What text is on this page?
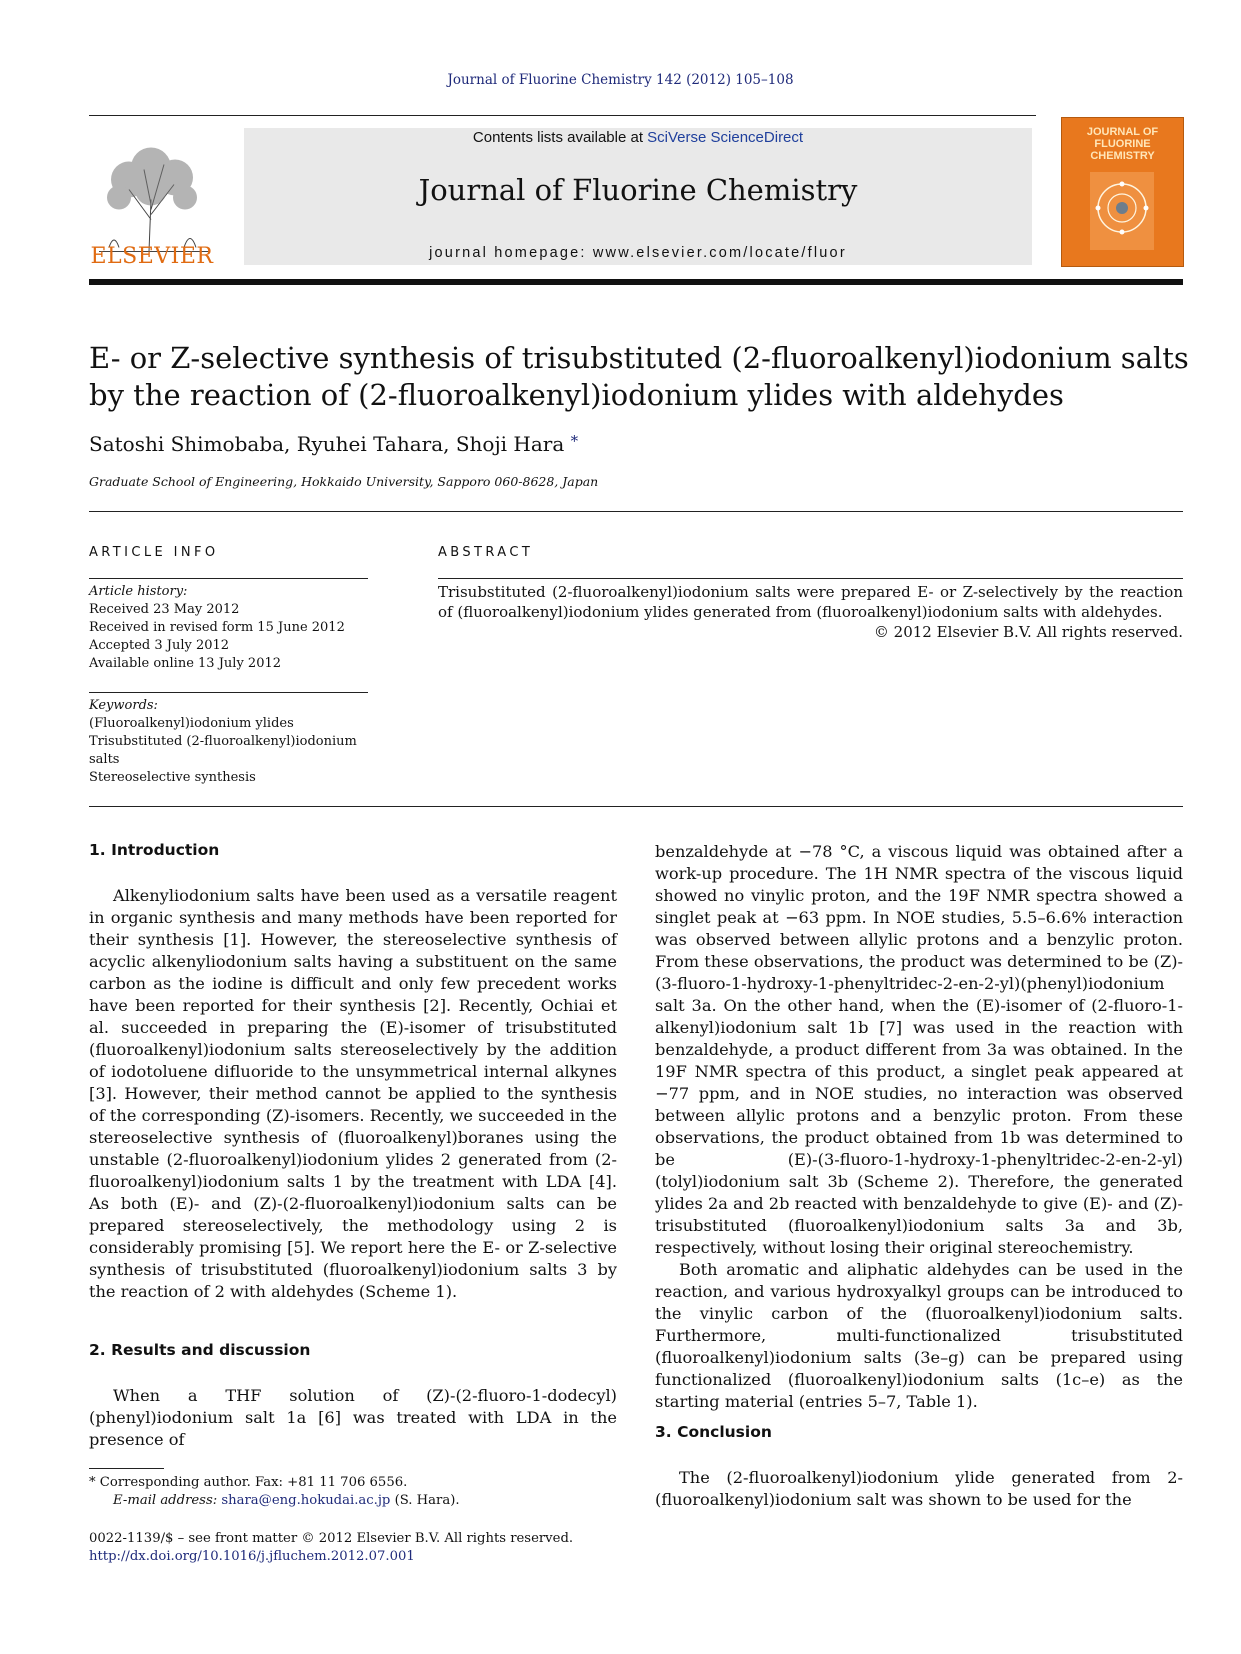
Journal of Fluorine Chemistry 142 (2012) 105–108
ELSEVIER
Contents lists available at SciVerse ScienceDirect
Journal of Fluorine Chemistry
journal homepage: www.elsevier.com/locate/fluor
JOURNAL OF FLUORINE CHEMISTRY
E- or Z-selective synthesis of trisubstituted (2-fluoroalkenyl)iodonium salts by the reaction of (2-fluoroalkenyl)iodonium ylides with aldehydes
Satoshi Shimobaba, Ryuhei Tahara, Shoji Hara *
Graduate School of Engineering, Hokkaido University, Sapporo 060-8628, Japan
ARTICLE INFO	ABSTRACT
Article history:
Received 23 May 2012
Received in revised form 15 June 2012
Accepted 3 July 2012
Available online 13 July 2012
Keywords:
(Fluoroalkenyl)iodonium ylides
Trisubstituted (2-fluoroalkenyl)iodonium salts
Stereoselective synthesis
Trisubstituted (2-fluoroalkenyl)iodonium salts were prepared E- or Z-selectively by the reaction of (fluoroalkenyl)iodonium ylides generated from (fluoroalkenyl)iodonium salts with aldehydes.
© 2012 Elsevier B.V. All rights reserved.
1. Introduction

Alkenyliodonium salts have been used as a versatile reagent in organic synthesis and many methods have been reported for their synthesis [1]. However, the stereoselective synthesis of acyclic alkenyliodonium salts having a substituent on the same carbon as the iodine is difficult and only few precedent works have been reported for their synthesis [2]. Recently, Ochiai et al. succeeded in preparing the (E)-isomer of trisubstituted (fluoroalkenyl)iodonium salts stereoselectively by the addition of iodotoluene difluoride to the unsymmetrical internal alkynes [3]. However, their method cannot be applied to the synthesis of the corresponding (Z)-isomers. Recently, we succeeded in the stereoselective synthesis of (fluoroalkenyl)boranes using the unstable (2-fluoroalkenyl)iodonium ylides 2 generated from (2-fluoroalkenyl)iodonium salts 1 by the treatment with LDA [4]. As both (E)- and (Z)-(2-fluoroalkenyl)iodonium salts can be prepared stereoselectively, the methodology using 2 is considerably promising [5]. We report here the E- or Z-selective synthesis of trisubstituted (fluoroalkenyl)iodonium salts 3 by the reaction of 2 with aldehydes (Scheme 1).

2. Results and discussion

When a THF solution of (Z)-(2-fluoro-1-dodecyl)(phenyl)iodonium salt 1a [6] was treated with LDA in the presence of

benzaldehyde at −78 °C, a viscous liquid was obtained after a work-up procedure. The 1H NMR spectra of the viscous liquid showed no vinylic proton, and the 19F NMR spectra showed a singlet peak at −63 ppm. In NOE studies, 5.5–6.6% interaction was observed between allylic protons and a benzylic proton. From these observations, the product was determined to be (Z)-(3-fluoro-1-hydroxy-1-phenyltridec-2-en-2-yl)(phenyl)iodonium salt 3a. On the other hand, when the (E)-isomer of (2-fluoro-1-alkenyl)iodonium salt 1b [7] was used in the reaction with benzaldehyde, a product different from 3a was obtained. In the 19F NMR spectra of this product, a singlet peak appeared at −77 ppm, and in NOE studies, no interaction was observed between allylic protons and a benzylic proton. From these observations, the product obtained from 1b was determined to be (E)-(3-fluoro-1-hydroxy-1-phenyltridec-2-en-2-yl)(tolyl)iodonium salt 3b (Scheme 2). Therefore, the generated ylides 2a and 2b reacted with benzaldehyde to give (E)- and (Z)-trisubstituted (fluoroalkenyl)iodonium salts 3a and 3b, respectively, without losing their original stereochemistry.

Both aromatic and aliphatic aldehydes can be used in the reaction, and various hydroxyalkyl groups can be introduced to the vinylic carbon of the (fluoroalkenyl)iodonium salts. Furthermore, multi-functionalized trisubstituted (fluoroalkenyl)iodonium salts (3e–g) can be prepared using functionalized (fluoroalkenyl)iodonium salts (1c–e) as the starting material (entries 5–7, Table 1).

3. Conclusion

The (2-fluoroalkenyl)iodonium ylide generated from 2-(fluoroalkenyl)iodonium salt was shown to be used for the

* Corresponding author. Fax: +81 11 706 6556.
E-mail address: shara@eng.hokudai.ac.jp (S. Hara).
0022-1139/$ – see front matter © 2012 Elsevier B.V. All rights reserved.
http://dx.doi.org/10.1016/j.jfluchem.2012.07.001
